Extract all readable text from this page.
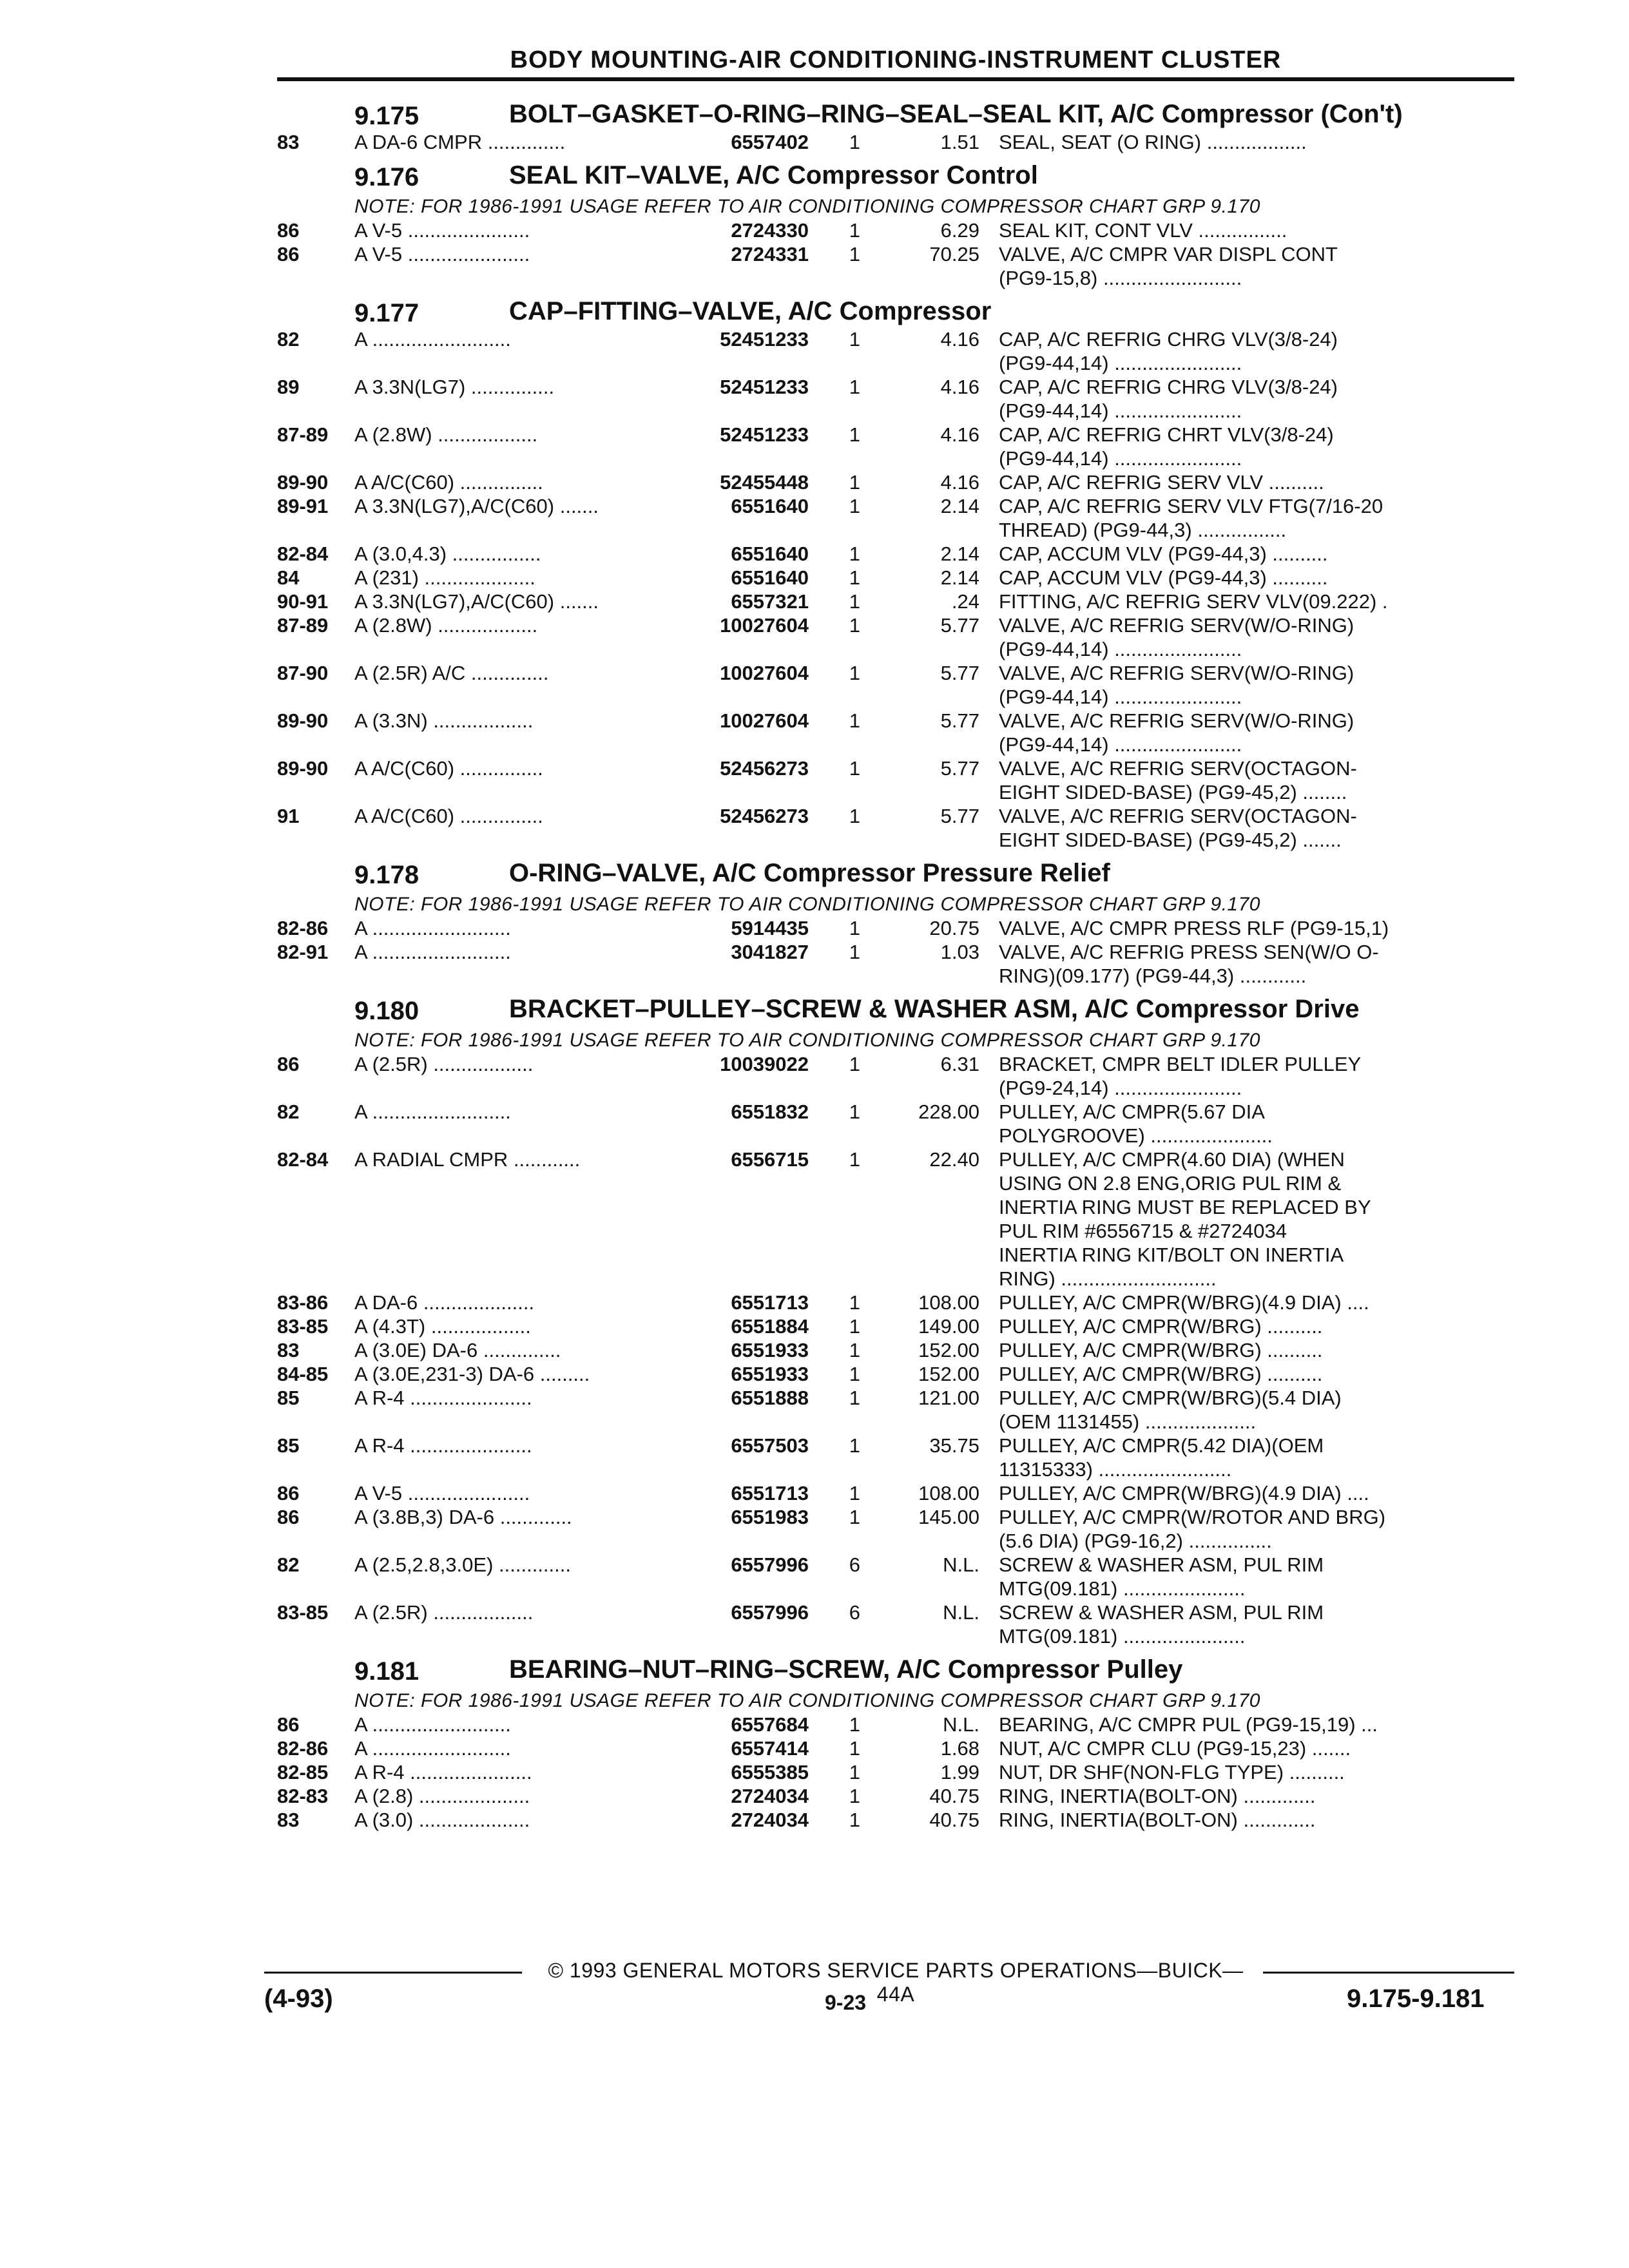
BODY MOUNTING-AIR CONDITIONING-INSTRUMENT CLUSTER
9.175	BOLT–GASKET–O-RING–RING–SEAL–SEAL KIT, A/C Compressor (Con't)
83	A DA-6 CMPR ..............	6557402	1	1.51 SEAL, SEAT (O RING) ..................
9.176	SEAL KIT–VALVE, A/C Compressor Control
NOTE: FOR 1986-1991 USAGE REFER TO AIR CONDITIONING COMPRESSOR CHART GRP 9.170
86	A V-5 ......................	2724330	1	6.29 SEAL KIT, CONT VLV ................
86	A V-5 ......................	2724331	1	70.25 VALVE, A/C CMPR VAR DISPL CONT
(PG9-15,8) .........................
9.177	CAP–FITTING–VALVE, A/C Compressor
82	A .........................	52451233	1	4.16 CAP, A/C REFRIG CHRG VLV(3/8-24)
(PG9-44,14) .......................
89	A 3.3N(LG7) ...............	52451233	1	4.16 CAP, A/C REFRIG CHRG VLV(3/8-24)
(PG9-44,14) .......................
87-89	A (2.8W) ..................	52451233	1	4.16 CAP, A/C REFRIG CHRT VLV(3/8-24)
(PG9-44,14) .......................
89-90	A A/C(C60) ...............	52455448	1	4.16 CAP, A/C REFRIG SERV VLV ..........
89-91	A 3.3N(LG7),A/C(C60) .......	6551640	1	2.14 CAP, A/C REFRIG SERV VLV FTG(7/16-20
THREAD) (PG9-44,3) ................
82-84	A (3.0,4.3) ................	6551640	1	2.14 CAP, ACCUM VLV (PG9-44,3) ..........
84	A (231) ....................	6551640	1	2.14 CAP, ACCUM VLV (PG9-44,3) ..........
90-91	A 3.3N(LG7),A/C(C60) .......	6557321	1	.24 FITTING, A/C REFRIG SERV VLV(09.222) .
87-89	A (2.8W) ..................	10027604	1	5.77 VALVE, A/C REFRIG SERV(W/O-RING)
(PG9-44,14) .......................
87-90	A (2.5R) A/C ..............	10027604	1	5.77 VALVE, A/C REFRIG SERV(W/O-RING)
(PG9-44,14) .......................
89-90	A (3.3N) ..................	10027604	1	5.77 VALVE, A/C REFRIG SERV(W/O-RING)
(PG9-44,14) .......................
89-90	A A/C(C60) ...............	52456273	1	5.77 VALVE, A/C REFRIG SERV(OCTAGON-
EIGHT SIDED-BASE) (PG9-45,2) ........
91	A A/C(C60) ...............	52456273	1	5.77 VALVE, A/C REFRIG SERV(OCTAGON-
EIGHT SIDED-BASE) (PG9-45,2) .......
9.178	O-RING–VALVE, A/C Compressor Pressure Relief
NOTE: FOR 1986-1991 USAGE REFER TO AIR CONDITIONING COMPRESSOR CHART GRP 9.170
82-86	A .........................	5914435	1	20.75 VALVE, A/C CMPR PRESS RLF (PG9-15,1)
82-91	A .........................	3041827	1	1.03 VALVE, A/C REFRIG PRESS SEN(W/O O-
RING)(09.177) (PG9-44,3) ............
9.180	BRACKET–PULLEY–SCREW & WASHER ASM, A/C Compressor Drive
NOTE: FOR 1986-1991 USAGE REFER TO AIR CONDITIONING COMPRESSOR CHART GRP 9.170
86	A (2.5R) ..................	10039022	1	6.31 BRACKET, CMPR BELT IDLER PULLEY
(PG9-24,14) .......................
82	A .........................	6551832	1	228.00 PULLEY, A/C CMPR(5.67 DIA
POLYGROOVE) ......................
82-84	A RADIAL CMPR ............	6556715	1	22.40 PULLEY, A/C CMPR(4.60 DIA) (WHEN
USING ON 2.8 ENG,ORIG PUL RIM &
INERTIA RING MUST BE REPLACED BY
PUL RIM #6556715 & #2724034
INERTIA RING KIT/BOLT ON INERTIA
RING) ............................
83-86	A DA-6 ....................	6551713	1	108.00 PULLEY, A/C CMPR(W/BRG)(4.9 DIA) ....
83-85	A (4.3T) ..................	6551884	1	149.00 PULLEY, A/C CMPR(W/BRG) ..........
83	A (3.0E) DA-6 ..............	6551933	1	152.00 PULLEY, A/C CMPR(W/BRG) ..........
84-85	A (3.0E,231-3) DA-6 .........	6551933	1	152.00 PULLEY, A/C CMPR(W/BRG) ..........
85	A R-4 ......................	6551888	1	121.00 PULLEY, A/C CMPR(W/BRG)(5.4 DIA)
(OEM 1131455) ....................
85	A R-4 ......................	6557503	1	35.75 PULLEY, A/C CMPR(5.42 DIA)(OEM
11315333) ........................
86	A V-5 ......................	6551713	1	108.00 PULLEY, A/C CMPR(W/BRG)(4.9 DIA) ....
86	A (3.8B,3) DA-6 .............	6551983	1	145.00 PULLEY, A/C CMPR(W/ROTOR AND BRG)
(5.6 DIA) (PG9-16,2) ...............
82	A (2.5,2.8,3.0E) .............	6557996	6	N.L. SCREW & WASHER ASM, PUL RIM
MTG(09.181) ......................
83-85	A (2.5R) ..................	6557996	6	N.L. SCREW & WASHER ASM, PUL RIM
MTG(09.181) ......................
9.181	BEARING–NUT–RING–SCREW, A/C Compressor Pulley
NOTE: FOR 1986-1991 USAGE REFER TO AIR CONDITIONING COMPRESSOR CHART GRP 9.170
86	A .........................	6557684	1	N.L. BEARING, A/C CMPR PUL (PG9-15,19) ...
82-86	A .........................	6557414	1	1.68 NUT, A/C CMPR CLU (PG9-15,23) .......
82-85	A R-4 ......................	6555385	1	1.99 NUT, DR SHF(NON-FLG TYPE) ..........
82-83	A (2.8) ....................	2724034	1	40.75 RING, INERTIA(BOLT-ON) .............
83	A (3.0) ....................	2724034	1	40.75 RING, INERTIA(BOLT-ON) .............
© 1993 GENERAL MOTORS SERVICE PARTS OPERATIONS—BUICK—44A
(4-93)	9-23	9.175-9.181
